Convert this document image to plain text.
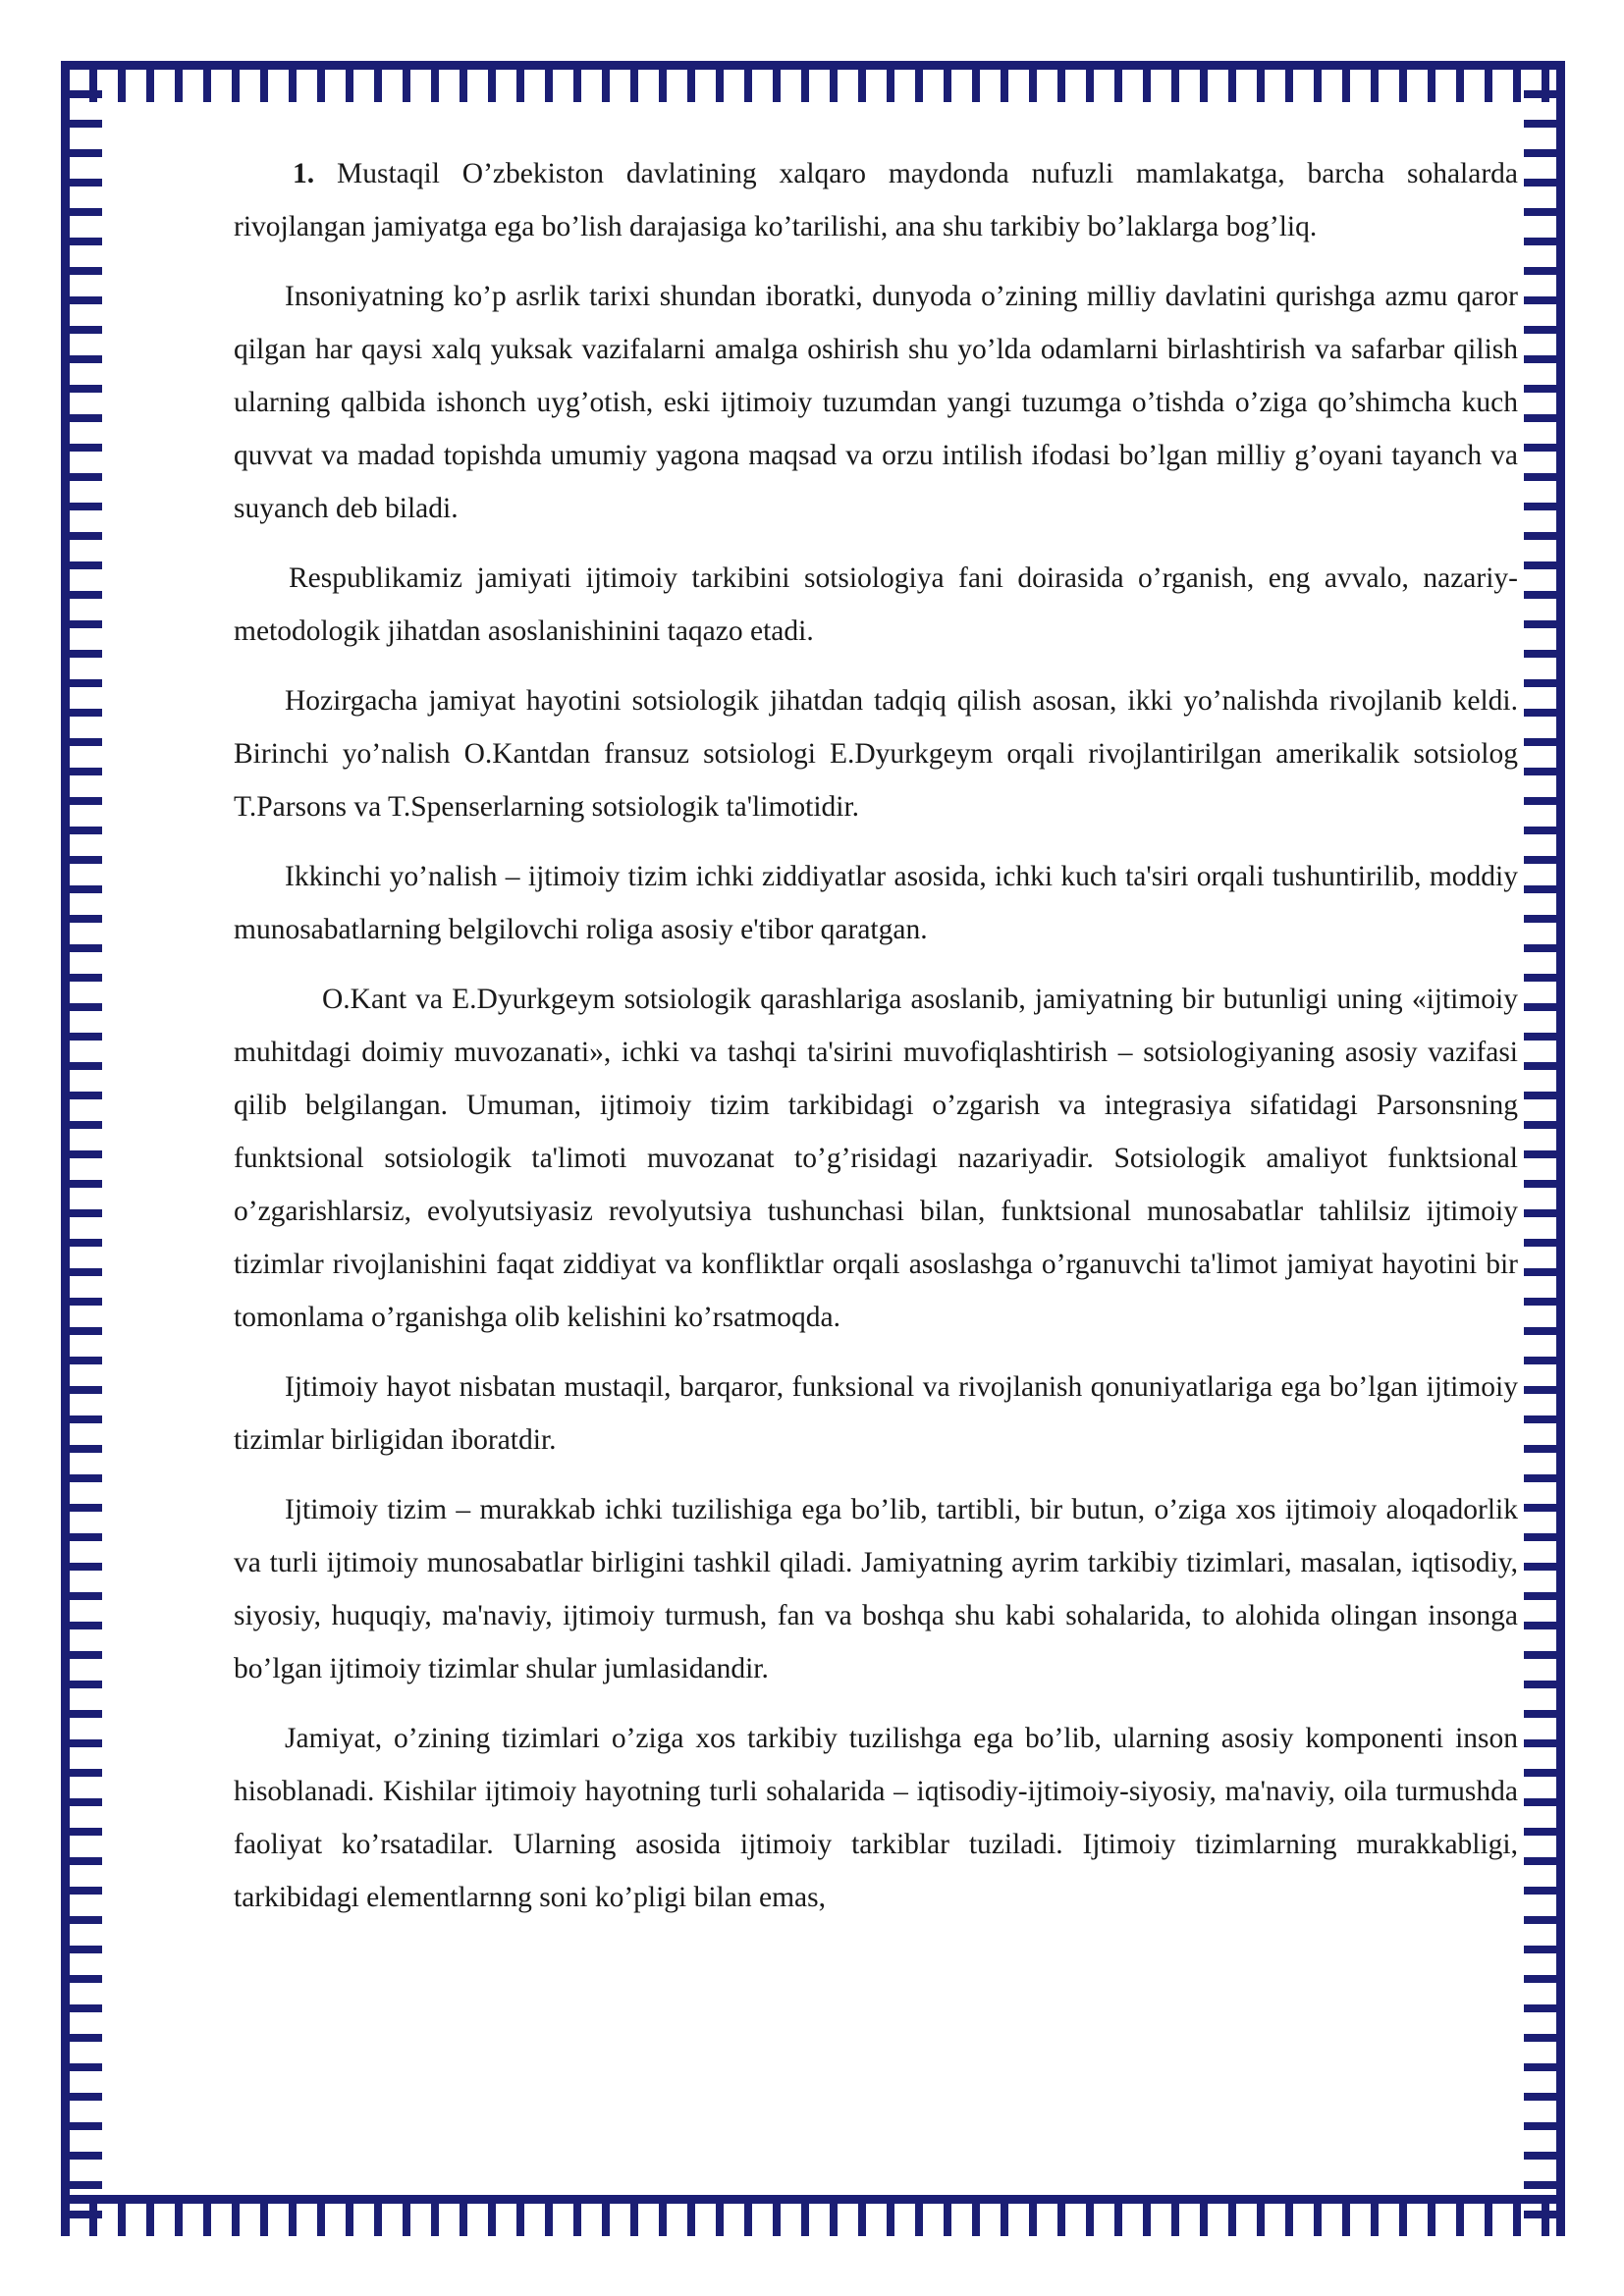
1. Mustaqil O’zbekiston davlatining xalqaro maydonda nufuzli mamlakatga, barcha sohalarda rivojlangan jamiyatga ega bo’lish darajasiga ko’tarilishi, ana shu tarkibiy bo’laklarga bog’liq.

Insoniyatning ko’p asrlik tarixi shundan iboratki, dunyoda o’zining milliy davlatini qurishga azmu qaror qilgan har qaysi xalq yuksak vazifalarni amalga oshirish shu yo’lda odamlarni birlashtirish va safarbar qilish ularning qalbida ishonch uyg’otish, eski ijtimoiy tuzumdan yangi tuzumga o’tishda o’ziga qo’shimcha kuch quvvat va madad topishda umumiy yagona maqsad va orzu intilish ifodasi bo’lgan milliy g’oyani tayanch va suyanch deb biladi.

Respublikamiz jamiyati ijtimoiy tarkibini sotsiologiya fani doirasida o’rganish, eng avvalo, nazariy-metodologik jihatdan asoslanishinini taqazo etadi.

Hozirgacha jamiyat hayotini sotsiologik jihatdan tadqiq qilish asosan, ikki yo’nalishda rivojlanib keldi. Birinchi yo’nalish O.Kantdan fransuz sotsiologi E.Dyurkgeym orqali rivojlantirilgan amerikalik sotsiolog T.Parsons va T.Spenserlarning sotsiologik ta'limotidir.

Ikkinchi yo’nalish – ijtimoiy tizim ichki ziddiyatlar asosida, ichki kuch ta'siri orqali tushuntirilib, moddiy munosabatlarning belgilovchi roliga asosiy e'tibor qaratgan.

O.Kant va E.Dyurkgeym sotsiologik qarashlariga asoslanib, jamiyatning bir butunligi uning «ijtimoiy muhitdagi doimiy muvozanati», ichki va tashqi ta'sirini muvofiqlashtirish – sotsiologiyaning asosiy vazifasi qilib belgilangan. Umuman, ijtimoiy tizim tarkibidagi o’zgarish va integrasiya sifatidagi Parsonsning funktsional sotsiologik ta'limoti muvozanat to’g’risidagi nazariyadir. Sotsiologik amaliyot funktsional o’zgarishlarsiz, evolyutsiyasiz revolyutsiya tushunchasi bilan, funktsional munosabatlar tahlilsiz ijtimoiy tizimlar rivojlanishini faqat ziddiyat va konfliktlar orqali asoslashga o’rganuvchi ta'limot jamiyat hayotini bir tomonlama o’rganishga olib kelishini ko’rsatmoqda.

Ijtimoiy hayot nisbatan mustaqil, barqaror, funksional va rivojlanish qonuniyatlariga ega bo’lgan ijtimoiy tizimlar birligidan iboratdir.

Ijtimoiy tizim – murakkab ichki tuzilishiga ega bo’lib, tartibli, bir butun, o’ziga xos ijtimoiy aloqadorlik va turli ijtimoiy munosabatlar birligini tashkil qiladi. Jamiyatning ayrim tarkibiy tizimlari, masalan, iqtisodiy, siyosiy, huquqiy, ma'naviy, ijtimoiy turmush, fan va boshqa shu kabi sohalarida, to alohida olingan insonga bo’lgan ijtimoiy tizimlar shular jumlasidandir.

Jamiyat, o’zining tizimlari o’ziga xos tarkibiy tuzilishga ega bo’lib, ularning asosiy komponenti inson hisoblanadi. Kishilar ijtimoiy hayotning turli sohalarida – iqtisodiy-ijtimoiy-siyosiy, ma'naviy, oila turmushda faoliyat ko’rsatadilar. Ularning asosida ijtimoiy tarkiblar tuziladi. Ijtimoiy tizimlarning murakkabligi, tarkibidagi elementlarnng soni ko’pligi bilan emas,
